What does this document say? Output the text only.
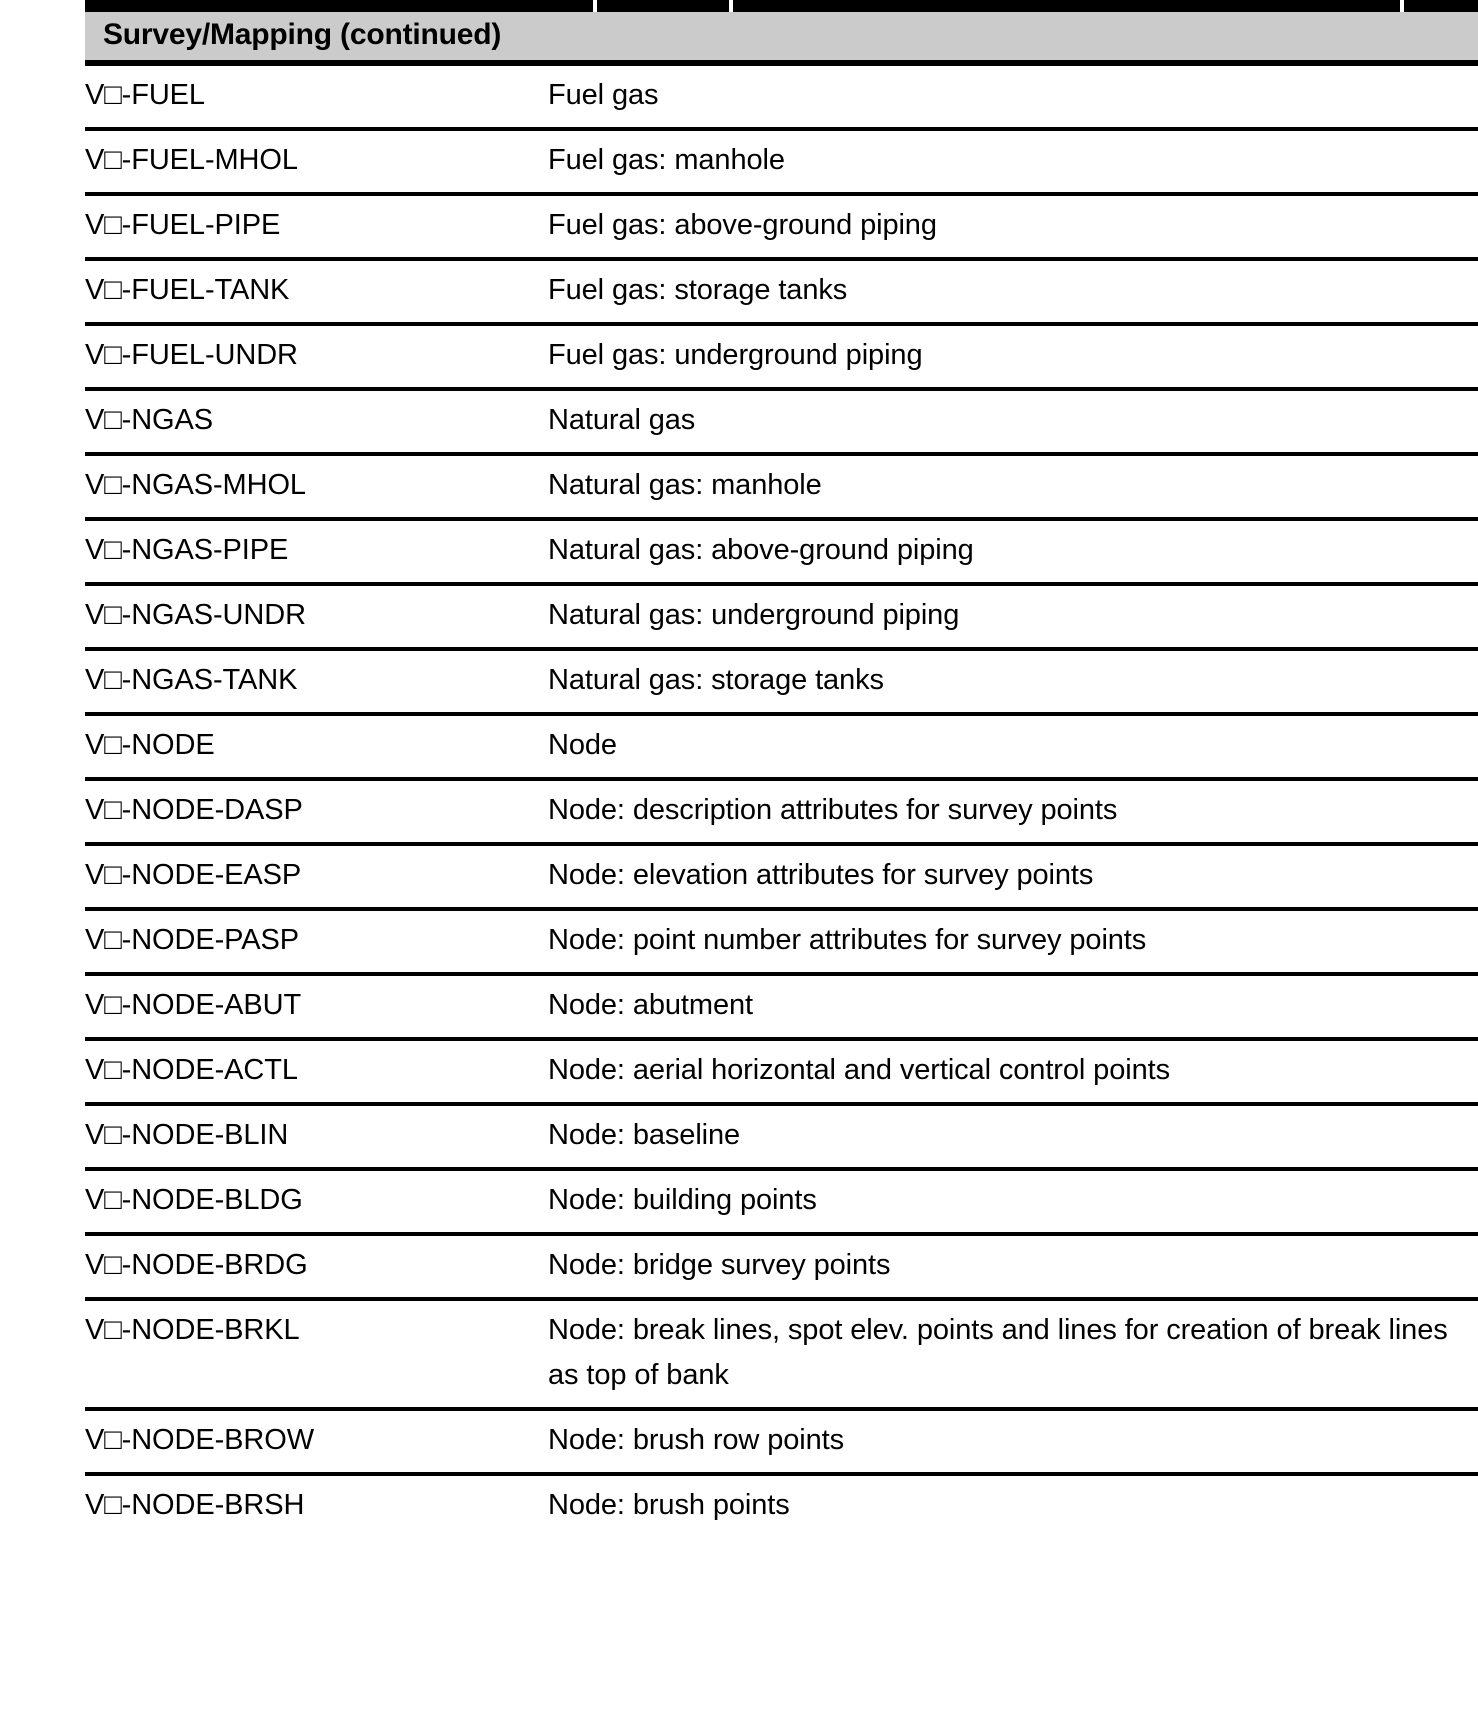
Survey/Mapping (continued)
V□-FUEL	Fuel gas
V□-FUEL-MHOL	Fuel gas: manhole
V□-FUEL-PIPE	Fuel gas: above-ground piping
V□-FUEL-TANK	Fuel gas: storage tanks
V□-FUEL-UNDR	Fuel gas: underground piping
V□-NGAS	Natural gas
V□-NGAS-MHOL	Natural gas: manhole
V□-NGAS-PIPE	Natural gas: above-ground piping
V□-NGAS-UNDR	Natural gas: underground piping
V□-NGAS-TANK	Natural gas: storage tanks
V□-NODE	Node
V□-NODE-DASP	Node: description attributes for survey points
V□-NODE-EASP	Node: elevation attributes for survey points
V□-NODE-PASP	Node: point number attributes for survey points
V□-NODE-ABUT	Node: abutment
V□-NODE-ACTL	Node: aerial horizontal and vertical control points
V□-NODE-BLIN	Node: baseline
V□-NODE-BLDG	Node: building points
V□-NODE-BRDG	Node: bridge survey points
V□-NODE-BRKL	Node: break lines, spot elev. points and lines for creation of break lines as top of bank
V□-NODE-BROW	Node: brush row points
V□-NODE-BRSH	Node: brush points
